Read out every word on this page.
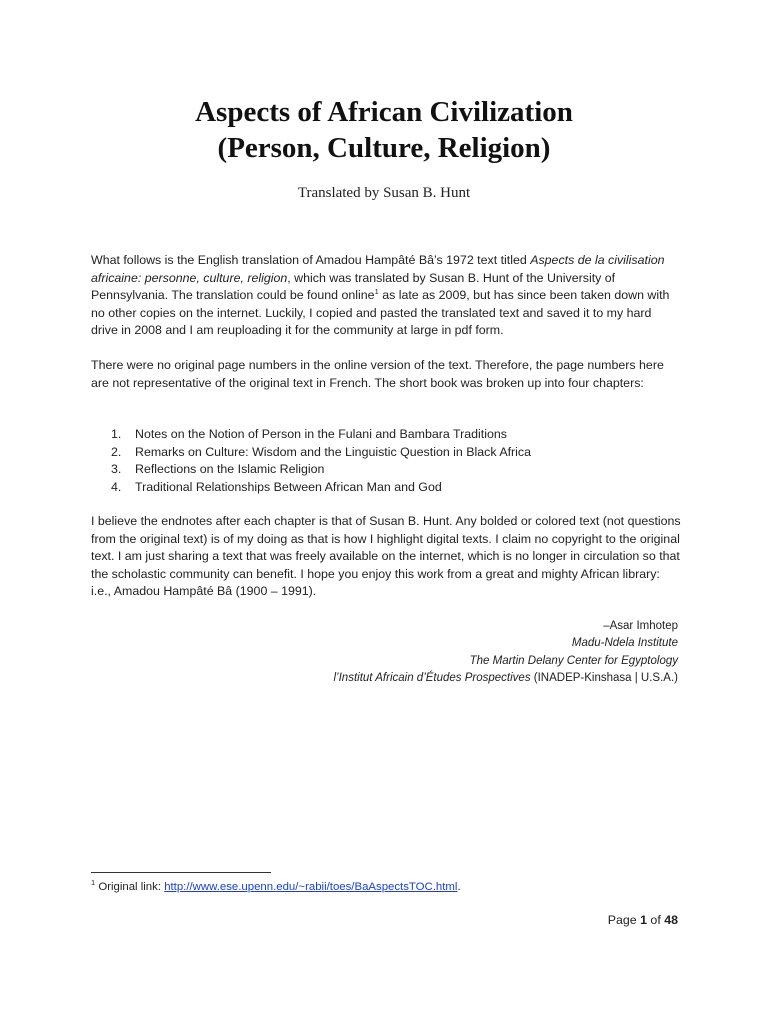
Aspects of African Civilization
(Person, Culture, Religion)
Translated by Susan B. Hunt

What follows is the English translation of Amadou Hampâté Bâ’s 1972 text titled Aspects de la civilisation africaine: personne, culture, religion, which was translated by Susan B. Hunt of the University of Pennsylvania. The translation could be found online$^1$ as late as 2009, but has since been taken down with no other copies on the internet. Luckily, I copied and pasted the translated text and saved it to my hard drive in 2008 and I am reuploading it for the community at large in pdf form.

There were no original page numbers in the online version of the text. Therefore, the page numbers here are not representative of the original text in French. The short book was broken up into four chapters:

1. Notes on the Notion of Person in the Fulani and Bambara Traditions
2. Remarks on Culture: Wisdom and the Linguistic Question in Black Africa
3. Reflections on the Islamic Religion
4. Traditional Relationships Between African Man and God

I believe the endnotes after each chapter is that of Susan B. Hunt. Any bolded or colored text (not questions from the original text) is of my doing as that is how I highlight digital texts. I claim no copyright to the original text. I am just sharing a text that was freely available on the internet, which is no longer in circulation so that the scholastic community can benefit. I hope you enjoy this work from a great and mighty African library: i.e., Amadou Hampâté Bâ (1900 – 1991).

–Asar Imhotep
Madu-Ndela Institute
The Martin Delany Center for Egyptology
l’Institut Africain d’Études Prospectives (INADEP-Kinshasa | U.S.A.)
$^1$ Original link: http://www.ese.upenn.edu/~rabii/toes/BaAspectsTOC.html.
Page 1 of 48
